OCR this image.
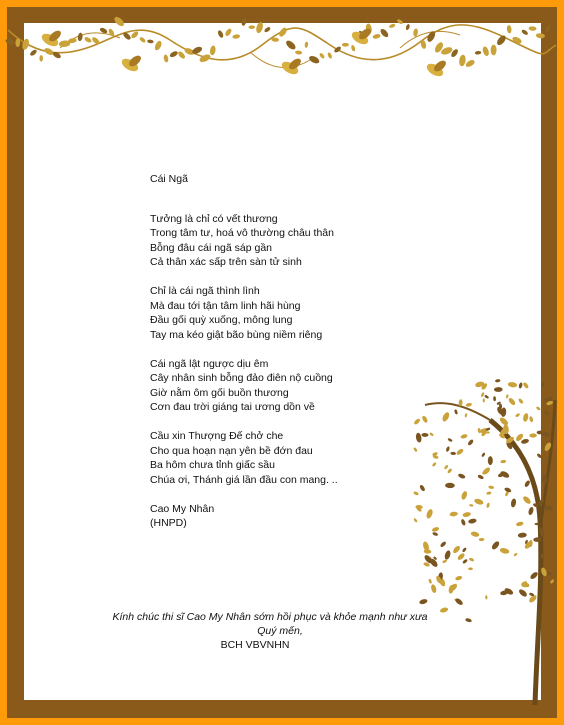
Cái Ngã
Tưởng là chỉ có vết thương
Trong tâm tư, hoá vô thường châu thân
Bỗng đâu cái ngã sáp gần
Cả thân xác sấp trên sàn tử sinh
Chỉ là cái ngã thình lình
Mà đau tới tận tâm linh hãi hùng
Đầu gối quỳ xuống, mông lung
Tay ma kéo giật bão bùng niềm riêng
Cái ngã lật ngược dịu êm
Cây nhân sinh bỗng đảo điên nộ cuồng
Giờ nằm ôm gối buồn thương
Cơn đau trời giáng tai ương dồn về
Cầu xin Thượng Đế chở che
Cho qua hoạn nạn yên bề đớn đau
Ba hôm chưa tỉnh giấc sầu
Chúa ơi, Thánh giá lần đầu con mang. ..
Cao My Nhân
(HNPD)
Kính chúc thi sĩ Cao My Nhân sớm hồi phục và khỏe mạnh như xưa
Quý mến,
BCH VBVNHN
